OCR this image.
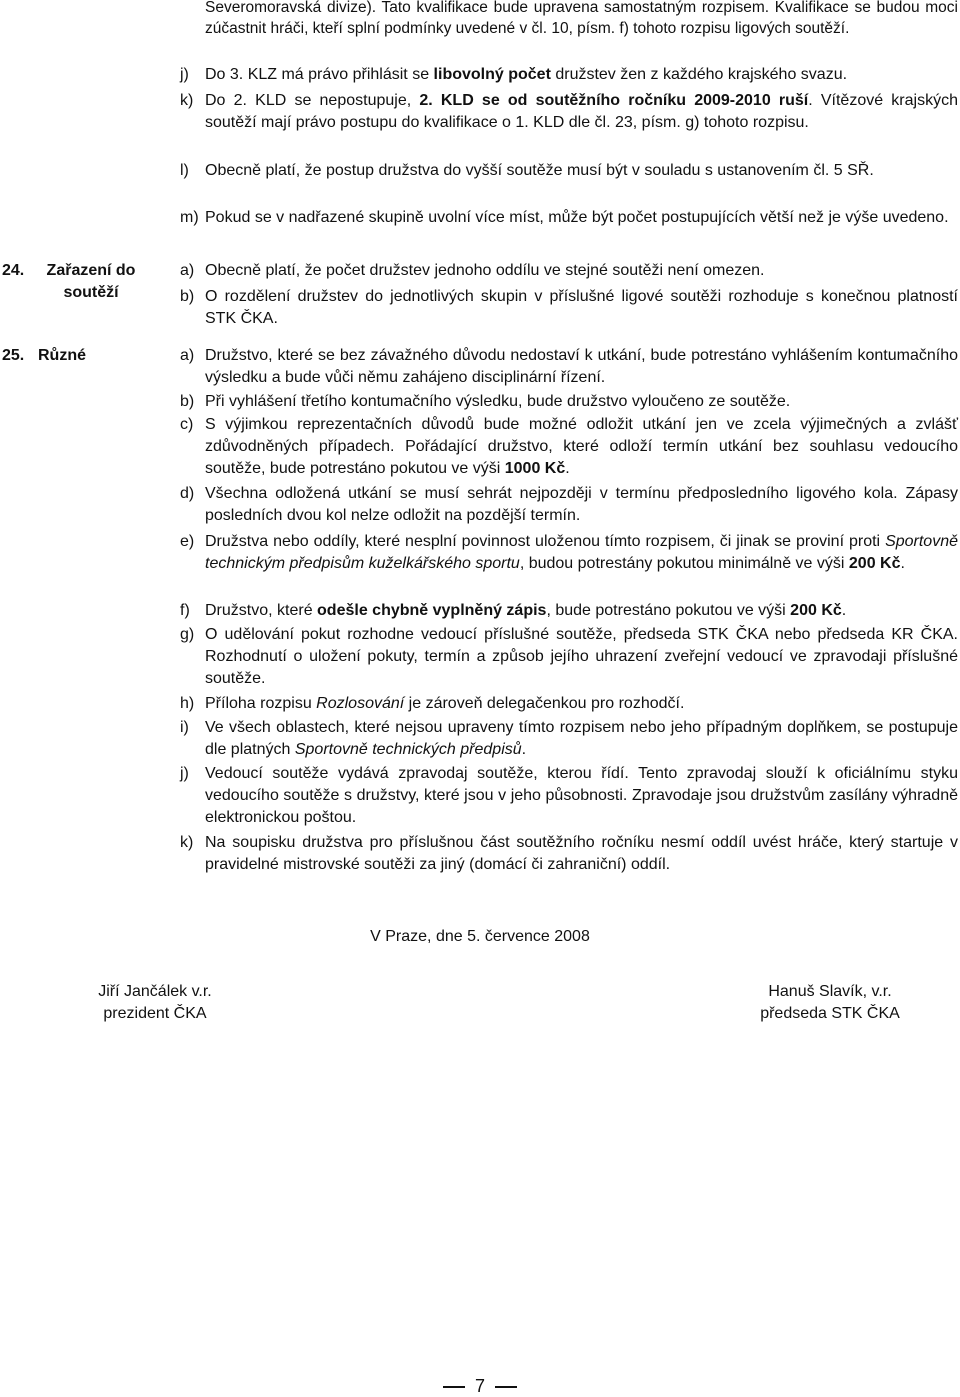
Severomoravská divize). Tato kvalifikace bude upravena samostatným rozpisem. Kvalifikace se budou moci zúčastnit hráči, kteří splní podmínky uvedené v čl. 10, písm. f) tohoto rozpisu ligových soutěží.

j)	Do 3. KLZ má právo přihlásit se libovolný počet družstev žen z každého krajského svazu.

k) Do 2. KLD se nepostupuje, 2. KLD se od soutěžního ročníku 2009-2010 ruší. Vítězové krajských soutěží mají právo postupu do kvalifikace o 1. KLD dle čl. 23, písm. g) tohoto rozpisu.

l)	Obecně platí, že postup družstva do vyšší soutěže musí být v souladu s ustanovením čl. 5 SŘ.

m) Pokud se v nadřazené skupině uvolní více míst, může být počet postupujících větší než je výše uvedeno.

24.	Zařazení do soutěží
a) Obecně platí, že počet družstev jednoho oddílu ve stejné soutěži není omezen.

b) O rozdělení družstev do jednotlivých skupin v příslušné ligové soutěži rozhoduje s konečnou platností STK ČKA.

25. Různé	a) Družstvo, které se bez závažného důvodu nedostaví k utkání, bude potrestáno vyhlášením kontumačního výsledku a bude vůči němu zahájeno disciplinární řízení.

b) Při vyhlášení třetího kontumačního výsledku, bude družstvo vyloučeno ze soutěže.

c) S výjimkou reprezentačních důvodů bude možné odložit utkání jen ve zcela výjimečných a zvlášť zdůvodněných případech. Pořádající družstvo, které odloží termín utkání bez souhlasu vedoucího soutěže, bude potrestáno pokutou ve výši 1000 Kč.

d) Všechna odložená utkání se musí sehrát nejpozději v termínu předposledního ligového kola. Zápasy posledních dvou kol nelze odložit na pozdější termín.

e) Družstva nebo oddíly, které nesplní povinnost uloženou tímto rozpisem, či jinak se proviní proti Sportovně technickým předpisům kuželkářského sportu, budou potrestány pokutou minimálně ve výši 200 Kč.

f) Družstvo, které odešle chybně vyplněný zápis, bude potrestáno pokutou ve výši 200 Kč.

g) O udělování pokut rozhodne vedoucí příslušné soutěže, předseda STK ČKA nebo předseda KR ČKA. Rozhodnutí o uložení pokuty, termín a způsob jejího uhrazení zveřejní vedoucí ve zpravodaji příslušné soutěže.

h) Příloha rozpisu Rozlosování je zároveň delegačenkou pro rozhodčí.

i)	Ve všech oblastech, které nejsou upraveny tímto rozpisem nebo jeho případným doplňkem, se postupuje dle platných Sportovně technických předpisů.

j)	Vedoucí soutěže vydává zpravodaj soutěže, kterou řídí. Tento zpravodaj slouží k oficiálnímu styku vedoucího soutěže s družstvy, které jsou v jeho působnosti. Zpravodaje jsou družstvům zasílány výhradně elektronickou poštou.

k) Na soupisku družstva pro příslušnou část soutěžního ročníku nesmí oddíl uvést hráče, který startuje v pravidelné mistrovské soutěži za jiný (domácí či zahraniční) oddíl.

V Praze, dne 5. července 2008
Jiří Jančálek v.r.
prezident ČKA
Hanuš Slavík, v.r.
předseda STK ČKA
7
